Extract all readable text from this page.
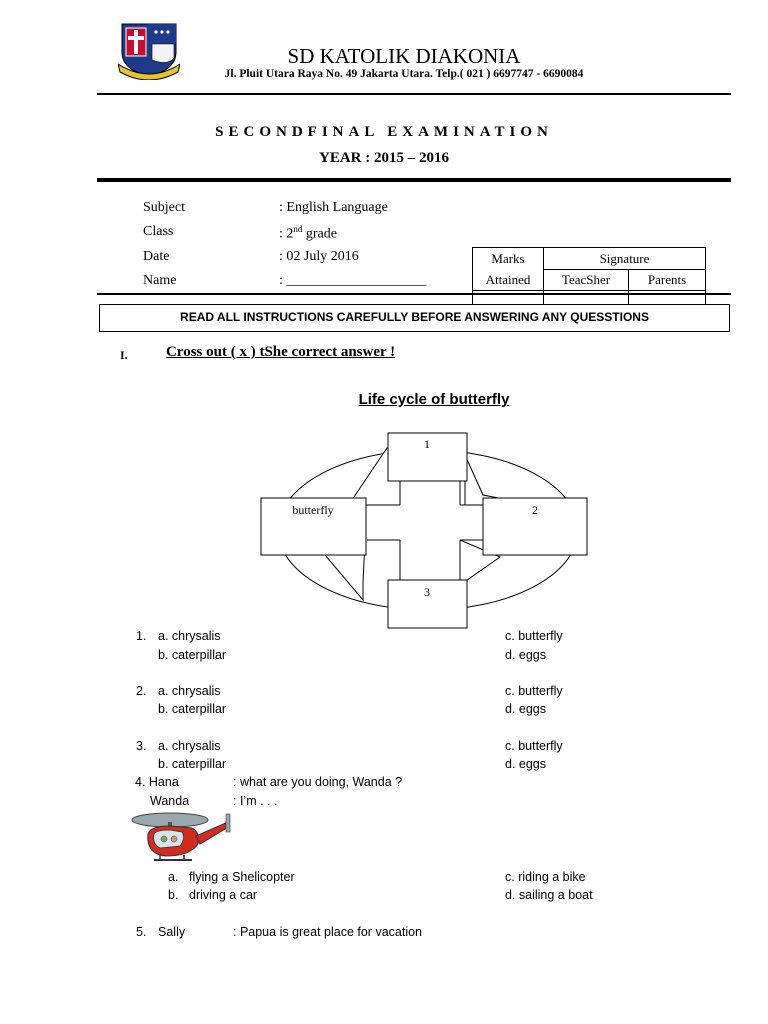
SD KATOLIK DIAKONIA
Jl. Pluit Utara Raya No. 49 Jakarta Utara. Telp.( 021 ) 6697747 - 6690084
SECONDFINAL EXAMINATION
YEAR : 2015 – 2016
Subject	: English Language
Class	: 2nd grade
Date	: 02 July 2016
Name	: ____________________
Marks	Signature	
Attained	TeacSher	Parents

READ ALL INSTRUCTIONS CAREFULLY BEFORE ANSWERING ANY QUESSTIONS
I.	Cross out ( x ) tShe correct answer !
Life cycle of butterfly
1
2
3
butterfly
1. a. chrysalis
b. caterpillar
c. butterfly
d. eggs
2. a. chrysalis
b. caterpillar
c. butterfly
d. eggs
3. a. chrysalis
b. caterpillar
c. butterfly
d. eggs
4. Hana	: what are you doing, Wanda ?
Wanda	: I’m . . .
a. flying a Shelicopter
b. driving a car
c. riding a bike
d. sailing a boat
5. Sally	: Papua is great place for vacation
